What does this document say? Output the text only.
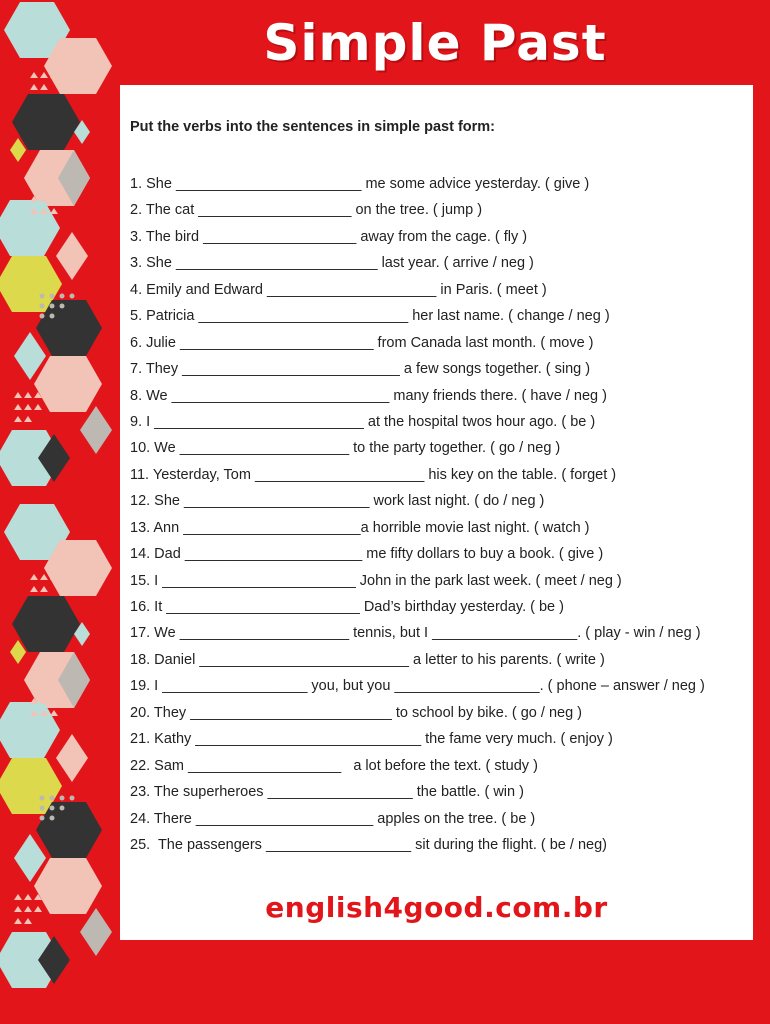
Simple Past
Put the verbs into the sentences in simple past form:
1. She _______________________ me some advice yesterday. ( give )
2. The cat ___________________ on the tree. ( jump )
3. The bird ___________________ away from the cage. ( fly )
3. She _________________________ last year. ( arrive / neg )
4. Emily and Edward _____________________ in Paris. ( meet )
5. Patricia __________________________ her last name. ( change / neg )
6. Julie ________________________ from Canada last month. ( move )
7. They ___________________________ a few songs together. ( sing )
8. We ___________________________ many friends there. ( have / neg )
9. I __________________________ at the hospital twos hour ago. ( be )
10. We _____________________ to the party together. ( go / neg )
11. Yesterday, Tom _____________________ his key on the table. ( forget )
12. She _______________________ work last night. ( do / neg )
13. Ann ______________________a horrible movie last night. ( watch )
14. Dad ______________________ me fifty dollars to buy a book. ( give )
15. I ________________________ John in the park last week. ( meet / neg )
16. It ________________________ Dad’s birthday yesterday. ( be )
17. We _____________________ tennis, but I __________________. ( play - win / neg )
18. Daniel __________________________ a letter to his parents. ( write )
19. I __________________ you, but you __________________. ( phone – answer / neg )
20. They _________________________ to school by bike. ( go / neg )
21. Kathy ____________________________ the fame very much. ( enjoy )
22. Sam ___________________   a lot before the text. ( study )
23. The superheroes __________________ the battle. ( win )
24. There ______________________ apples on the tree. ( be )
25.  The passengers __________________ sit during the flight. ( be / neg)
english4good.com.br
